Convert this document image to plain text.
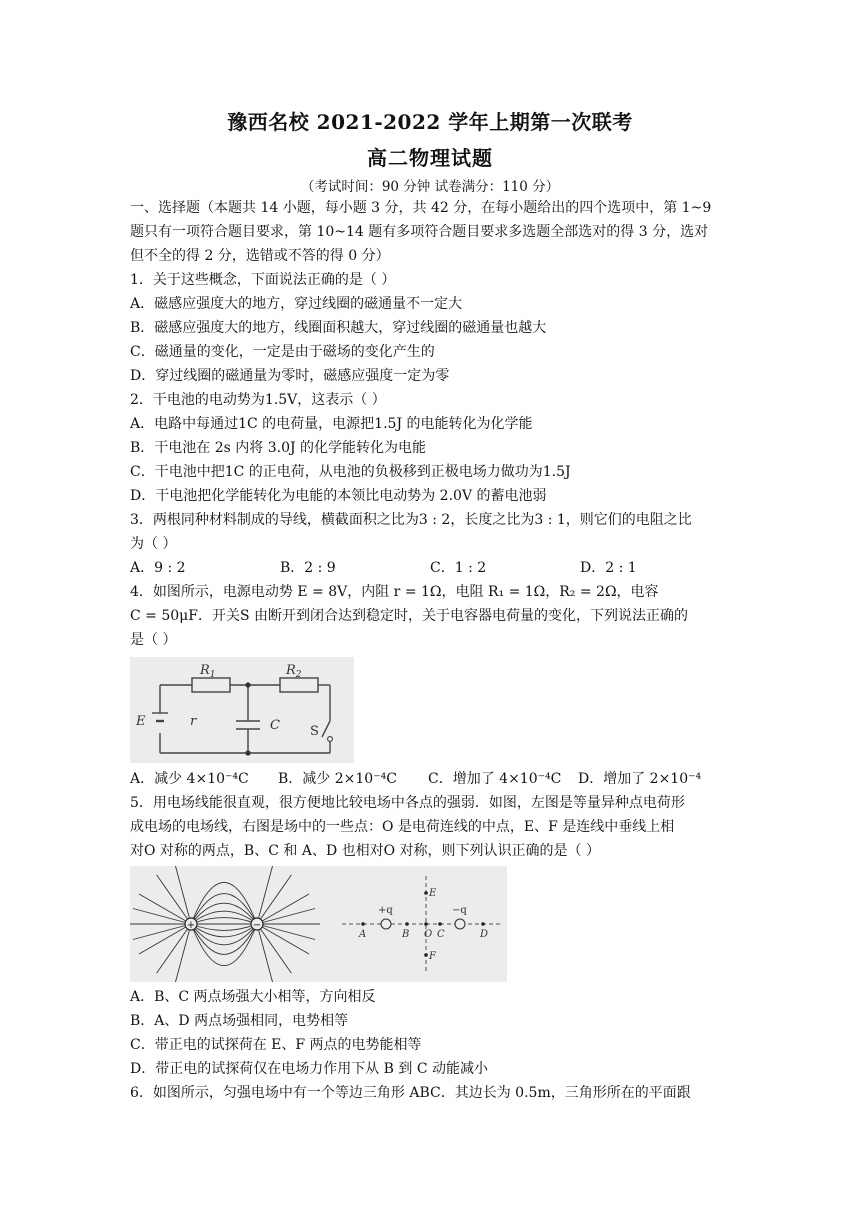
豫西名校 2021-2022 学年上期第一次联考
高二物理试题
（考试时间：90 分钟 试卷满分：110 分）
一、选择题（本题共 14 小题，每小题 3 分，共 42 分，在每小题给出的四个选项中，第 1~9
题只有一项符合题目要求，第 10~14 题有多项符合题目要求多选题全部选对的得 3 分，选对
但不全的得 2 分，选错或不答的得 0 分）
1．关于这些概念，下面说法正确的是（ ）
A．磁感应强度大的地方，穿过线圈的磁通量不一定大
B．磁感应强度大的地方，线圈面积越大，穿过线圈的磁通量也越大
C．磁通量的变化，一定是由于磁场的变化产生的
D．穿过线圈的磁通量为零时，磁感应强度一定为零
2．干电池的电动势为1.5V，这表示（ ）
A．电路中每通过1C 的电荷量，电源把1.5J 的电能转化为化学能
B．干电池在 2s 内将 3.0J 的化学能转化为电能
C．干电池中把1C 的正电荷，从电池的负极移到正极电场力做功为1.5J
D．干电池把化学能转化为电能的本领比电动势为 2.0V 的蓄电池弱
3．两根同种材料制成的导线，横截面积之比为3 : 2，长度之比为3 : 1，则它们的电阻之比
为（ ）
A．9 : 2	B．2 : 9	C．1 : 2	D．2 : 1
4．如图所示，电源电动势 E = 8V，内阻 r = 1Ω，电阻 R₁ = 1Ω，R₂ = 2Ω，电容
C = 50μF．开关S 由断开到闭合达到稳定时，关于电容器电荷量的变化，下列说法正确的
是（ ）
A．减少 4×10⁻⁴C	B．减少 2×10⁻⁴C	C．增加了 4×10⁻⁴C	D．增加了 2×10⁻⁴
5．用电场线能很直观，很方便地比较电场中各点的强弱．如图，左图是等量异种点电荷形
成电场的电场线，右图是场中的一些点：O 是电荷连线的中点，E、F 是连线中垂线上相
对O 对称的两点，B、C 和 A、D 也相对O 对称，则下列认识正确的是（ ）
A．B、C 两点场强大小相等，方向相反
B．A、D 两点场强相同，电势相等
C．带正电的试探荷在 E、F 两点的电势能相等
D．带正电的试探荷仅在电场力作用下从 B 到 C 动能减小
6．如图所示，匀强电场中有一个等边三角形 ABC．其边长为 0.5m，三角形所在的平面跟
$R_1$	$R_2$
E	r	C S
+	−
+q	−q
A	B O C	D
E
F
